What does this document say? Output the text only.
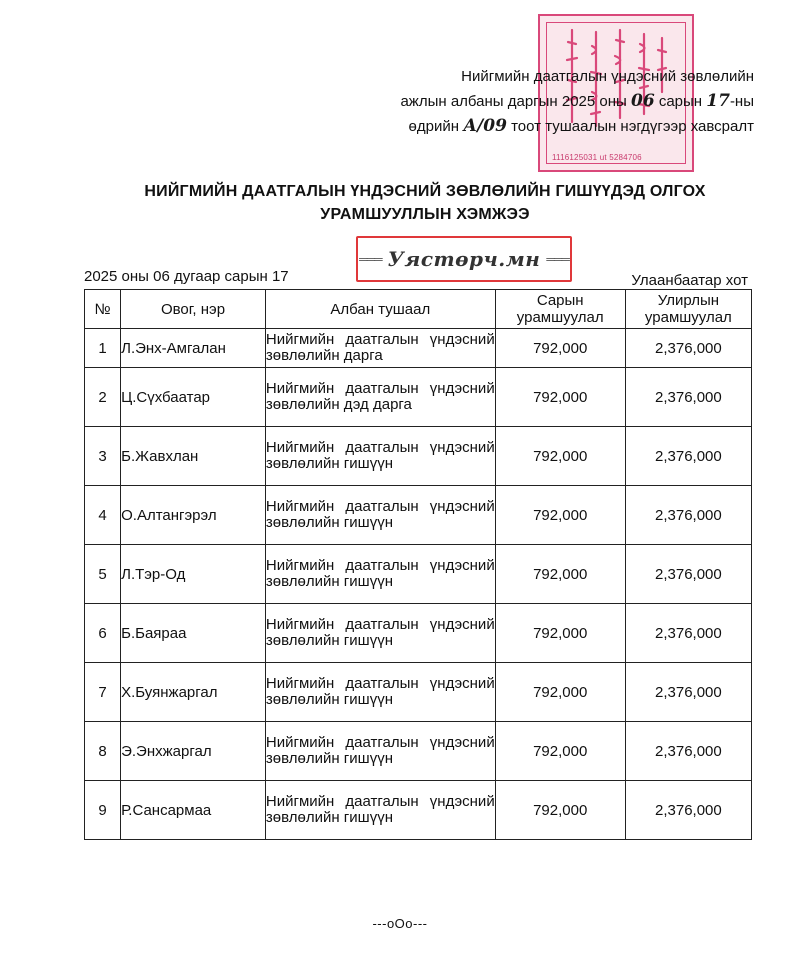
1116125031 ut 5284706
Нийгмийн даатгалын үндэсний зөвлөлийн
ажлын албаны даргын 2025 оны 06 сарын 17-ны
өдрийн А/09 тоот тушаалын нэгдүгээр хавсралт
НИЙГМИЙН ДААТГАЛЫН ҮНДЭСНИЙ ЗӨВЛӨЛИЙН ГИШҮҮДЭД ОЛГОХ
УРАМШУУЛЛЫН ХЭМЖЭЭ
═══ Уястөрч.мн ═══
2025 оны 06 дугаар сарын 17	Улаанбаатар хот
№	Овог, нэр	Албан тушаал	Сарын урамшуулал	Улирлын урамшуулал
1	Л.Энх-Амгалан	Нийгмийн даатгалын үндэсний зөвлөлийн дарга	792,000	2,376,000
2	Ц.Сүхбаатар	Нийгмийн даатгалын үндэсний зөвлөлийн дэд дарга	792,000	2,376,000
3	Б.Жавхлан	Нийгмийн даатгалын үндэсний зөвлөлийн гишүүн	792,000	2,376,000
4	О.Алтангэрэл	Нийгмийн даатгалын үндэсний зөвлөлийн гишүүн	792,000	2,376,000
5	Л.Тэр-Од	Нийгмийн даатгалын үндэсний зөвлөлийн гишүүн	792,000	2,376,000
6	Б.Баяраа	Нийгмийн даатгалын үндэсний зөвлөлийн гишүүн	792,000	2,376,000
7	Х.Буянжаргал	Нийгмийн даатгалын үндэсний зөвлөлийн гишүүн	792,000	2,376,000
8	Э.Энхжаргал	Нийгмийн даатгалын үндэсний зөвлөлийн гишүүн	792,000	2,376,000
9	Р.Сансармаа	Нийгмийн даатгалын үндэсний зөвлөлийн гишүүн	792,000	2,376,000
---oOo---
